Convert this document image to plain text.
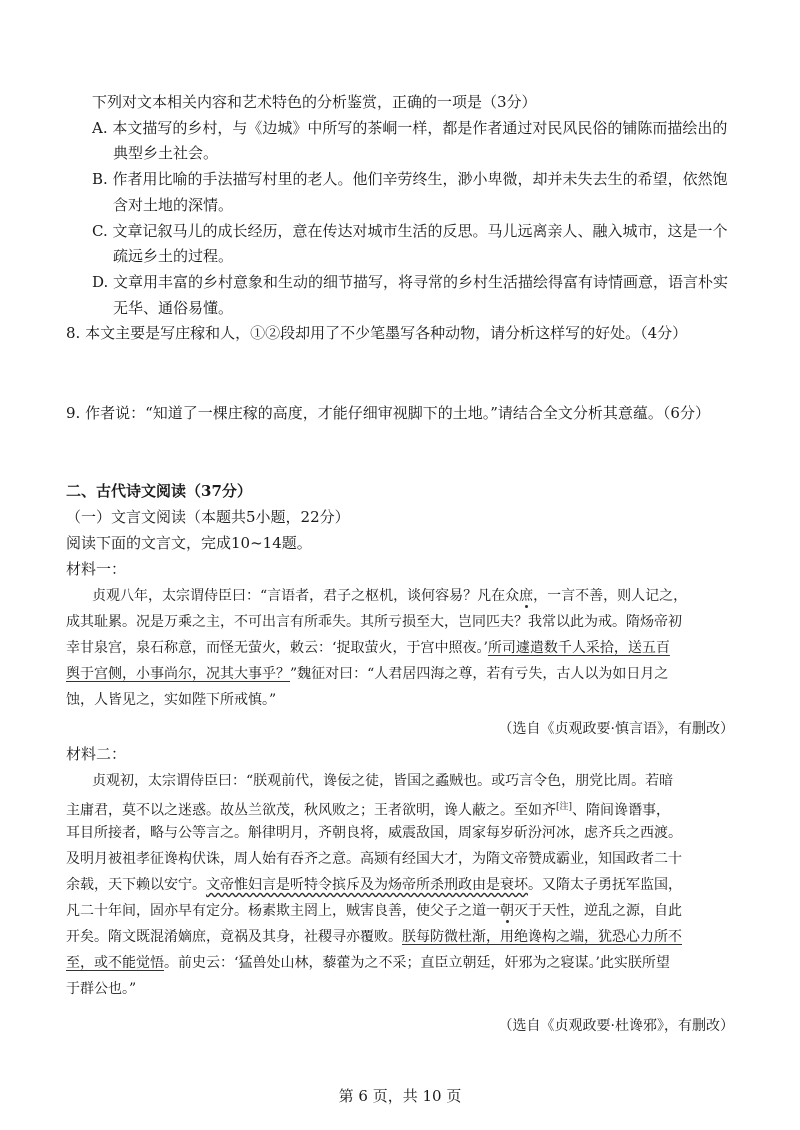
下列对文本相关内容和艺术特色的分析鉴赏，正确的一项是（3分）
A. 本文描写的乡村，与《边城》中所写的茶峒一样，都是作者通过对民风民俗的铺陈而描绘出的
典型乡土社会。
B. 作者用比喻的手法描写村里的老人。他们辛劳终生，渺小卑微，却并未失去生的希望，依然饱
含对土地的深情。
C. 文章记叙马儿的成长经历，意在传达对城市生活的反思。马儿远离亲人、融入城市，这是一个
疏远乡土的过程。
D. 文章用丰富的乡村意象和生动的细节描写，将寻常的乡村生活描绘得富有诗情画意，语言朴实
无华、通俗易懂。
8. 本文主要是写庄稼和人，①②段却用了不少笔墨写各种动物，请分析这样写的好处。（4分）
9. 作者说：“知道了一棵庄稼的高度，才能仔细审视脚下的土地。”请结合全文分析其意蕴。（6分）
二、古代诗文阅读（37分）
（一）文言文阅读（本题共5小题，22分）
阅读下面的文言文，完成10~14题。
材料一：
贞观八年，太宗谓侍臣曰：“言语者，君子之枢机，谈何容易？凡在众庶，一言不善，则人记之，
成其耻累。况是万乘之主，不可出言有所乖失。其所亏损至大，岂同匹夫？我常以此为戒。隋炀帝初
幸甘泉宫，泉石称意，而怪无萤火，敕云：‘捉取萤火，于宫中照夜。’所司遽遣数千人采拾，送五百
舆于宫侧，小事尚尔，况其大事乎？”魏征对曰：“人君居四海之尊，若有亏失，古人以为如日月之
蚀，人皆见之，实如陛下所戒慎。”
（选自《贞观政要·慎言语》，有删改）
材料二：
贞观初，太宗谓侍臣曰：“朕观前代，谗佞之徒，皆国之蟊贼也。或巧言令色，朋党比周。若暗
主庸君，莫不以之迷惑。故丛兰欲茂，秋风败之；王者欲明，谗人蔽之。至如齐[注]、隋间谗谮事，
耳目所接者，略与公等言之。斛律明月，齐朝良将，威震敌国，周家每岁斫汾河冰，虑齐兵之西渡。
及明月被祖孝征谗构伏诛，周人始有吞齐之意。高颎有经国大才，为隋文帝赞成霸业，知国政者二十
余载，天下赖以安宁。文帝惟妇言是听特令摈斥及为炀帝所杀刑政由是衰坏。又隋太子勇抚军监国，
凡二十年间，固亦早有定分。杨素欺主罔上，贼害良善，使父子之道一朝灭于天性，逆乱之源，自此
开矣。隋文既混淆嫡庶，竟祸及其身，社稷寻亦覆败。朕每防微杜渐，用绝谗构之端，犹恐心力所不
至，或不能觉悟。前史云：‘猛兽处山林，藜藿为之不采；直臣立朝廷，奸邪为之寝谋。’此实朕所望
于群公也。”
（选自《贞观政要·杜谗邪》，有删改）
第 6 页，共 10 页
